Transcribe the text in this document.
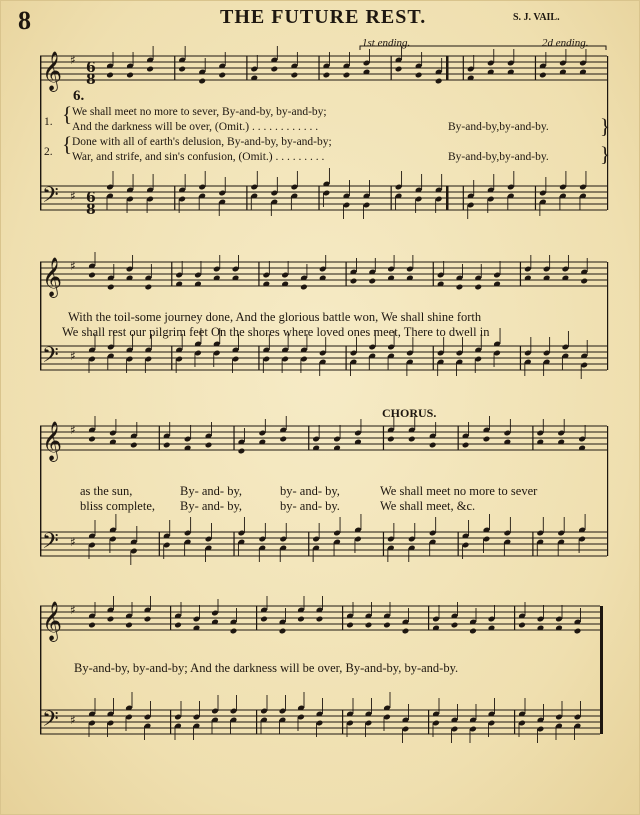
𝄞
𝄢
♯
♯
6
8
6
8
𝄞
𝄢
♯
♯
𝄞
𝄢
♯
♯
𝄞
𝄢
♯
♯
8	THE FUTURE REST.	S. J. VAIL.
1st ending.	2d ending.
6.
1.
2.
{
{
}
}
We shall meet no more to sever, By-and-by, by-and-by;
And the darkness will be over, (Omit.) . . . . . . . . . . . .	By-and-by,by-and-by.
Done with all of earth's delusion, By-and-by, by-and-by;
War, and strife, and sin's confusion, (Omit.) . . . . . . . . .	By-and-by,by-and-by.
With the toil-some journey done, And the glorious battle won, We shall shine forth
We shall rest our pilgrim feet On the shores where loved ones meet, There to dwell in
CHORUS.
as the sun,	By- and- by,	by- and- by,	We shall meet no more to sever
bliss complete, By- and- by,	by- and- by.	We shall meet, &c.
By-and-by, by-and-by; And the darkness will be over, By-and-by, by-and-by.
